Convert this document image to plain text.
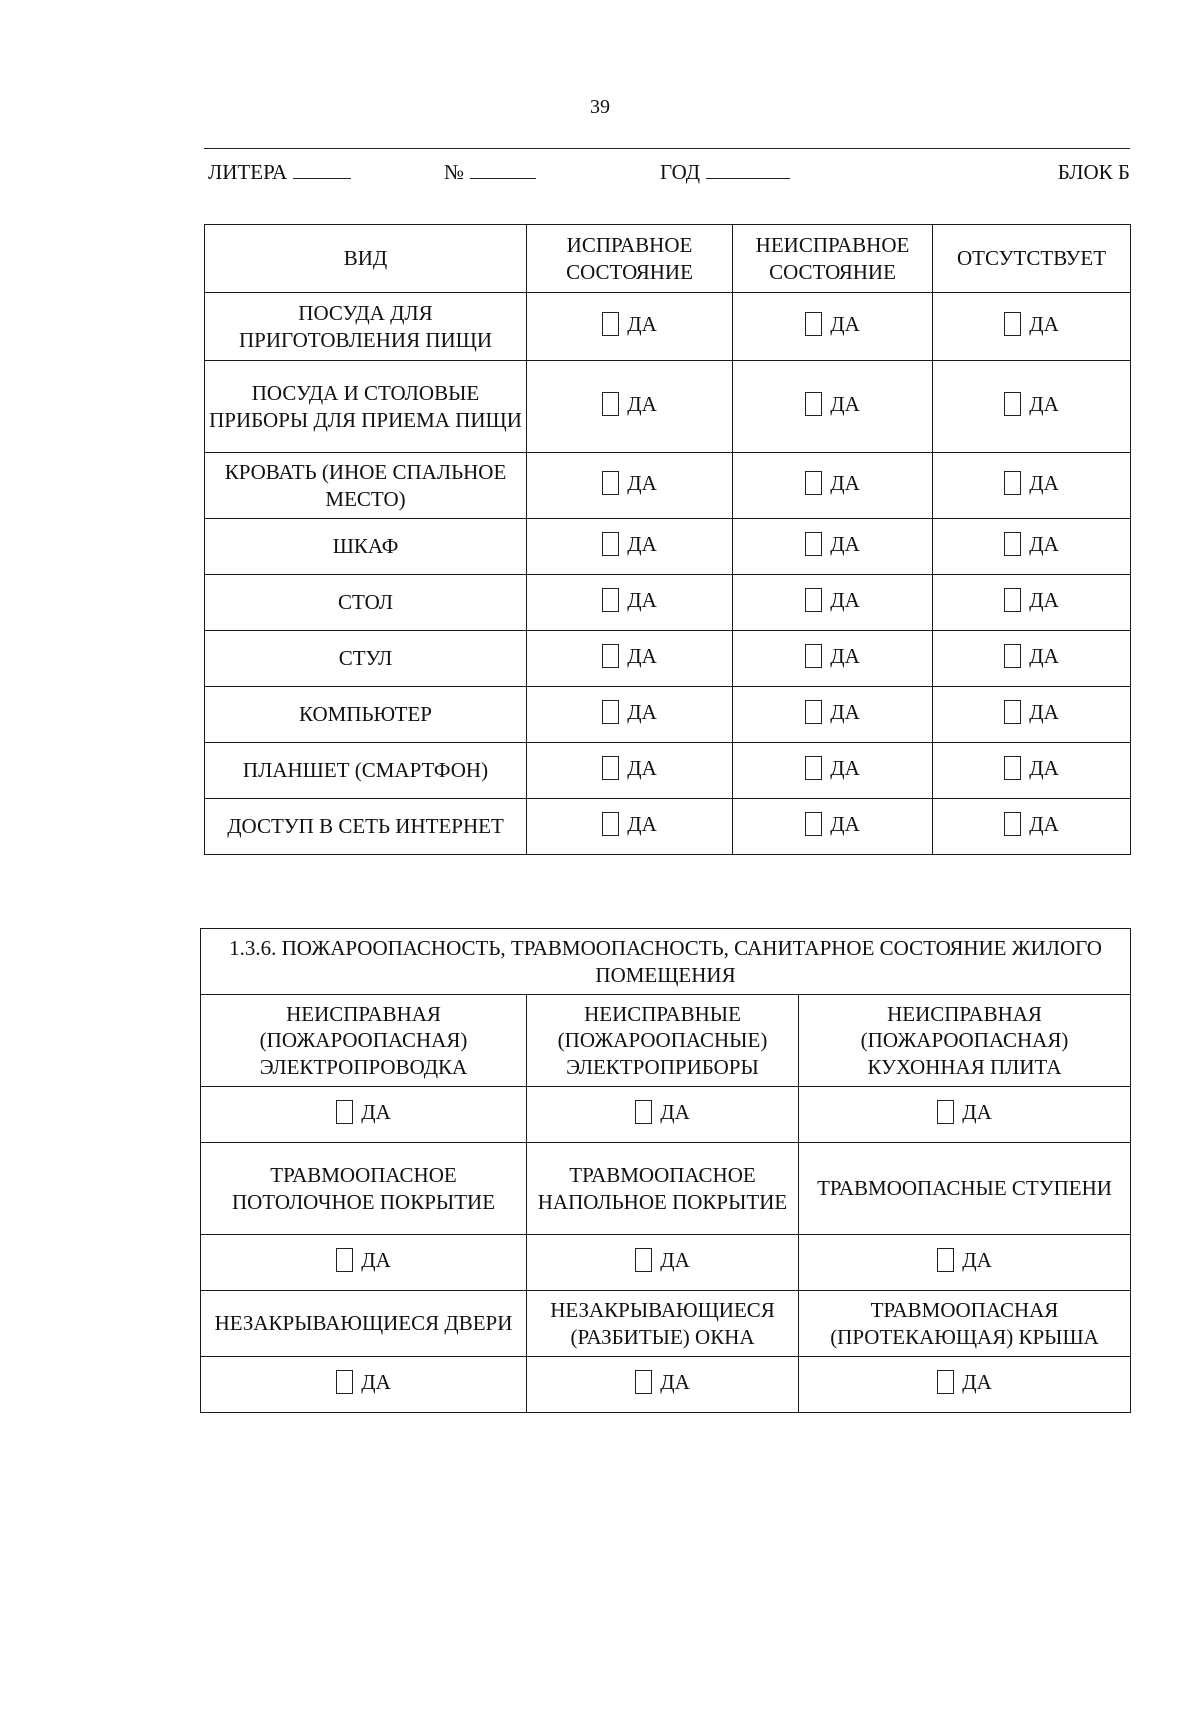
39
ЛИТЕРА	№	ГОД	БЛОК Б
ВИД	ИСПРАВНОЕ СОСТОЯНИЕ	НЕИСПРАВНОЕ СОСТОЯНИЕ	ОТСУТСТВУЕТ
ПОСУДА ДЛЯ ПРИГОТОВЛЕНИЯ ПИЩИ	ДА	ДА	ДА

ПОСУДА И СТОЛОВЫЕ ПРИБОРЫ ДЛЯ ПРИЕМА ПИЩИ	ДА	ДА	ДА

КРОВАТЬ (ИНОЕ СПАЛЬНОЕ МЕСТО)	ДА	ДА	ДА

ШКАФ	ДА	ДА	ДА

СТОЛ	ДА	ДА	ДА

СТУЛ	ДА	ДА	ДА

КОМПЬЮТЕР	ДА	ДА	ДА

ПЛАНШЕТ (СМАРТФОН)	ДА	ДА	ДА

ДОСТУП В СЕТЬ ИНТЕРНЕТ	ДА	ДА	ДА
1.3.6. ПОЖАРООПАСНОСТЬ, ТРАВМООПАСНОСТЬ, САНИТАРНОЕ СОСТОЯНИЕ ЖИЛОГО ПОМЕЩЕНИЯ		
НЕИСПРАВНАЯ (ПОЖАРООПАСНАЯ) ЭЛЕКТРОПРОВОДКА	НЕИСПРАВНЫЕ (ПОЖАРООПАСНЫЕ) ЭЛЕКТРОПРИБОРЫ	НЕИСПРАВНАЯ (ПОЖАРООПАСНАЯ) КУХОННАЯ ПЛИТА

ДА	ДА	ДА

ТРАВМООПАСНОЕ ПОТОЛОЧНОЕ ПОКРЫТИЕ	ТРАВМООПАСНОЕ НАПОЛЬНОЕ ПОКРЫТИЕ	ТРАВМООПАСНЫЕ СТУПЕНИ

ДА	ДА	ДА

НЕЗАКРЫВАЮЩИЕСЯ ДВЕРИ	НЕЗАКРЫВАЮЩИЕСЯ (РАЗБИТЫЕ) ОКНА	ТРАВМООПАСНАЯ (ПРОТЕКАЮЩАЯ) КРЫША

ДА	ДА	ДА
